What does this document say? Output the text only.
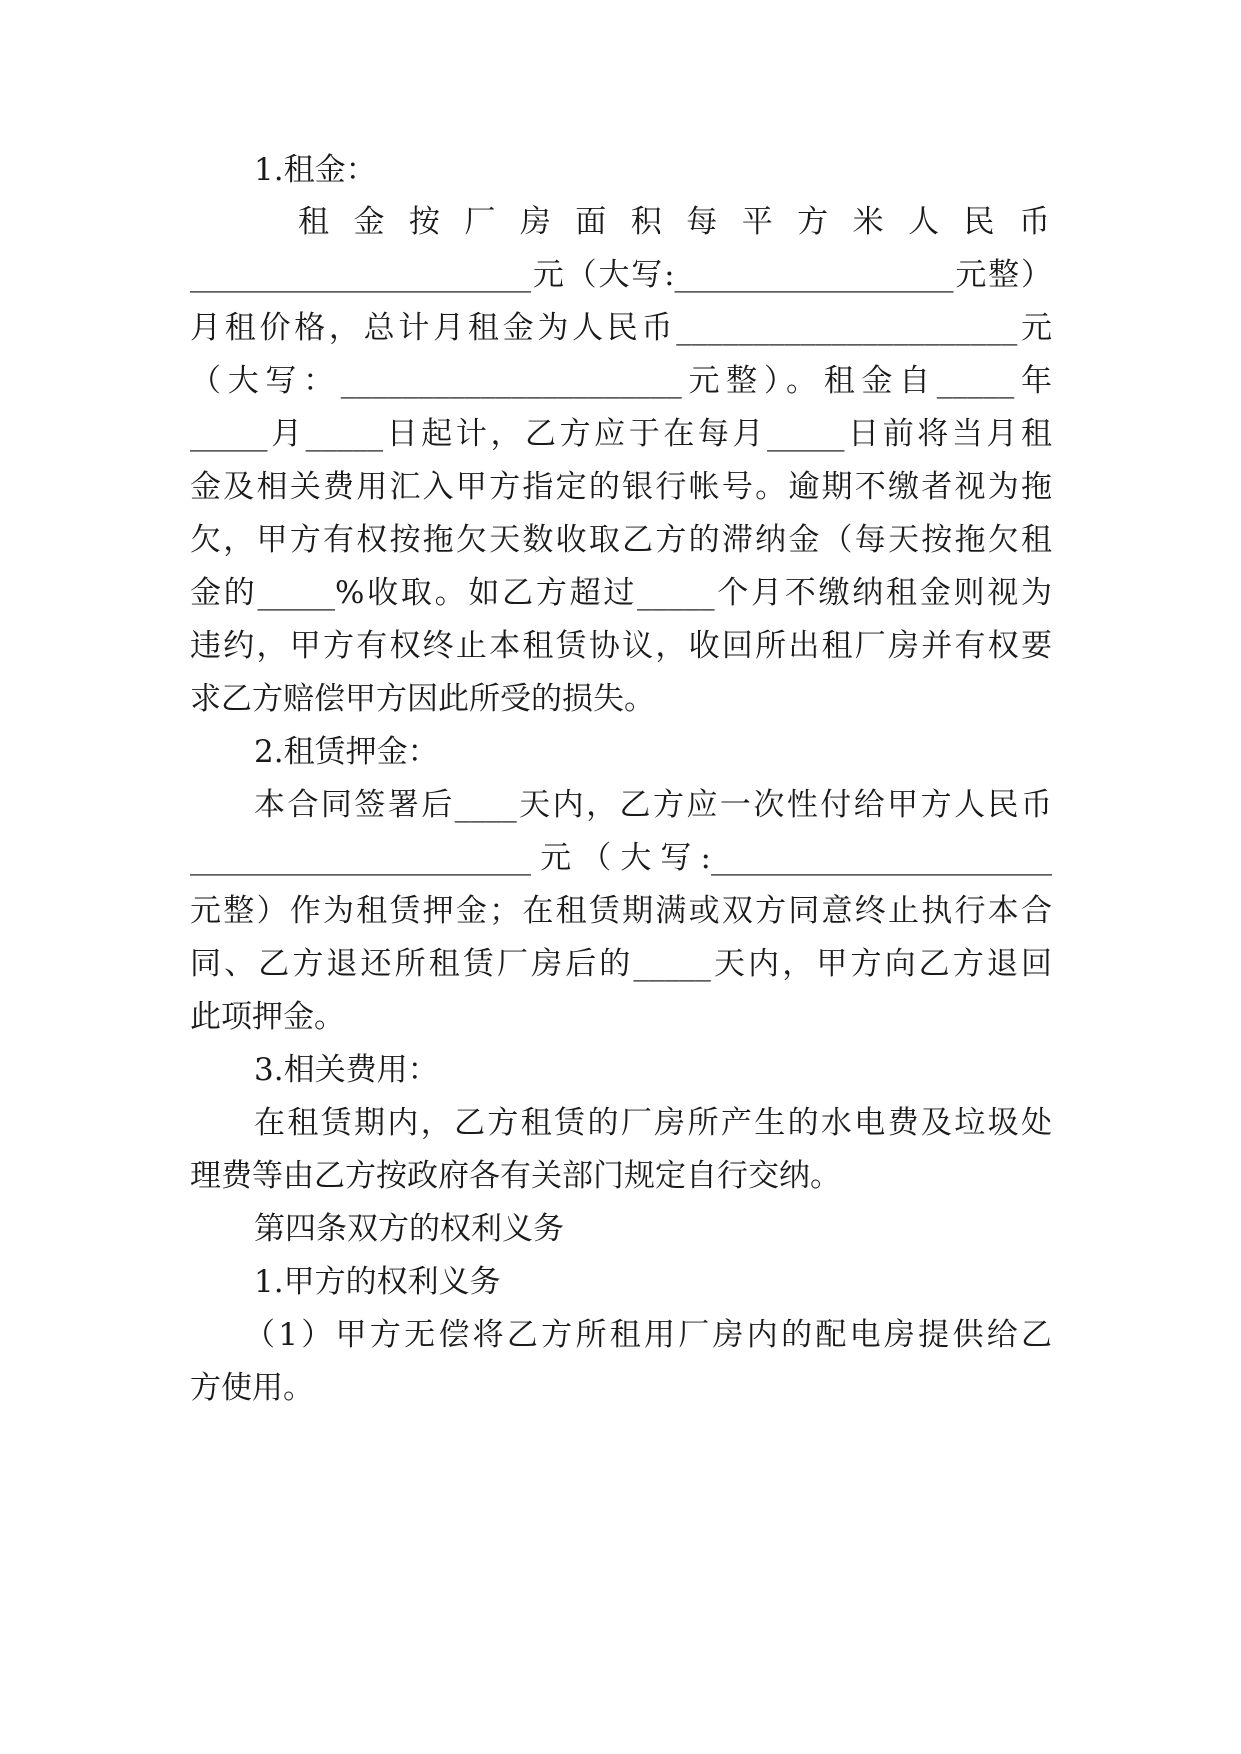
1.租金：
租金按厂房面积每平方米人民币
______________________元（大写:__________________元整）
月租价格，总计月租金为人民币______________________元
（大写：______________________元整）。租金自_____年
_____月_____日起计，乙方应于在每月_____日前将当月租
金及相关费用汇入甲方指定的银行帐号。逾期不缴者视为拖
欠，甲方有权按拖欠天数收取乙方的滞纳金（每天按拖欠租
金的_____%收取。如乙方超过_____个月不缴纳租金则视为
违约，甲方有权终止本租赁协议，收回所出租厂房并有权要
求乙方赔偿甲方因此所受的损失。
2.租赁押金：
本合同签署后____天内，乙方应一次性付给甲方人民币
______________________元（大写:______________________
元整）作为租赁押金；在租赁期满或双方同意终止执行本合
同、乙方退还所租赁厂房后的_____天内，甲方向乙方退回
此项押金。
3.相关费用：
在租赁期内，乙方租赁的厂房所产生的水电费及垃圾处
理费等由乙方按政府各有关部门规定自行交纳。
第四条双方的权利义务
1.甲方的权利义务
（1）甲方无偿将乙方所租用厂房内的配电房提供给乙
方使用。
